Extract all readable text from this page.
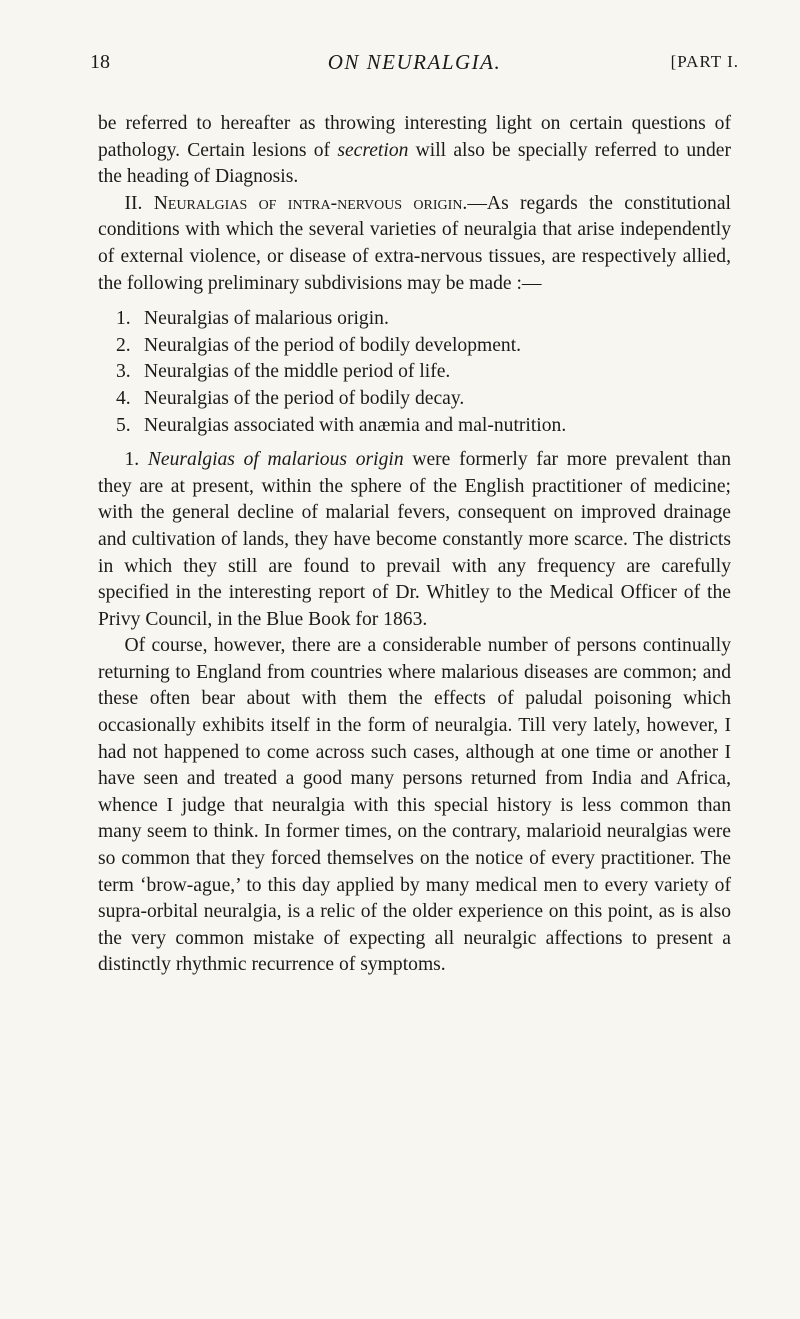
18	ON NEURALGIA.	[PART I.

be referred to hereafter as throwing interesting light on certain questions of pathology. Certain lesions of secretion will also be specially referred to under the heading of Diagnosis.

II. Neuralgias of intra-nervous origin.—As regards the constitutional conditions with which the several varieties of neuralgia that arise independently of external violence, or disease of extra-nervous tissues, are respectively allied, the following preliminary subdivisions may be made :—

1. Neuralgias of malarious origin.
2. Neuralgias of the period of bodily development.
3. Neuralgias of the middle period of life.
4. Neuralgias of the period of bodily decay.
5. Neuralgias associated with anæmia and mal-nutrition.

1. Neuralgias of malarious origin were formerly far more prevalent than they are at present, within the sphere of the English practitioner of medicine; with the general decline of malarial fevers, consequent on improved drainage and cultivation of lands, they have become constantly more scarce. The districts in which they still are found to prevail with any frequency are carefully specified in the interesting report of Dr. Whitley to the Medical Officer of the Privy Council, in the Blue Book for 1863.

Of course, however, there are a considerable number of persons continually returning to England from countries where malarious diseases are common; and these often bear about with them the effects of paludal poisoning which occasionally exhibits itself in the form of neuralgia. Till very lately, however, I had not happened to come across such cases, although at one time or another I have seen and treated a good many persons returned from India and Africa, whence I judge that neuralgia with this special history is less common than many seem to think. In former times, on the contrary, malarioid neuralgias were so common that they forced themselves on the notice of every practitioner. The term ‘brow-ague,’ to this day applied by many medical men to every variety of supra-orbital neuralgia, is a relic of the older experience on this point, as is also the very common mistake of expecting all neuralgic affections to present a distinctly rhythmic recurrence of symptoms.
